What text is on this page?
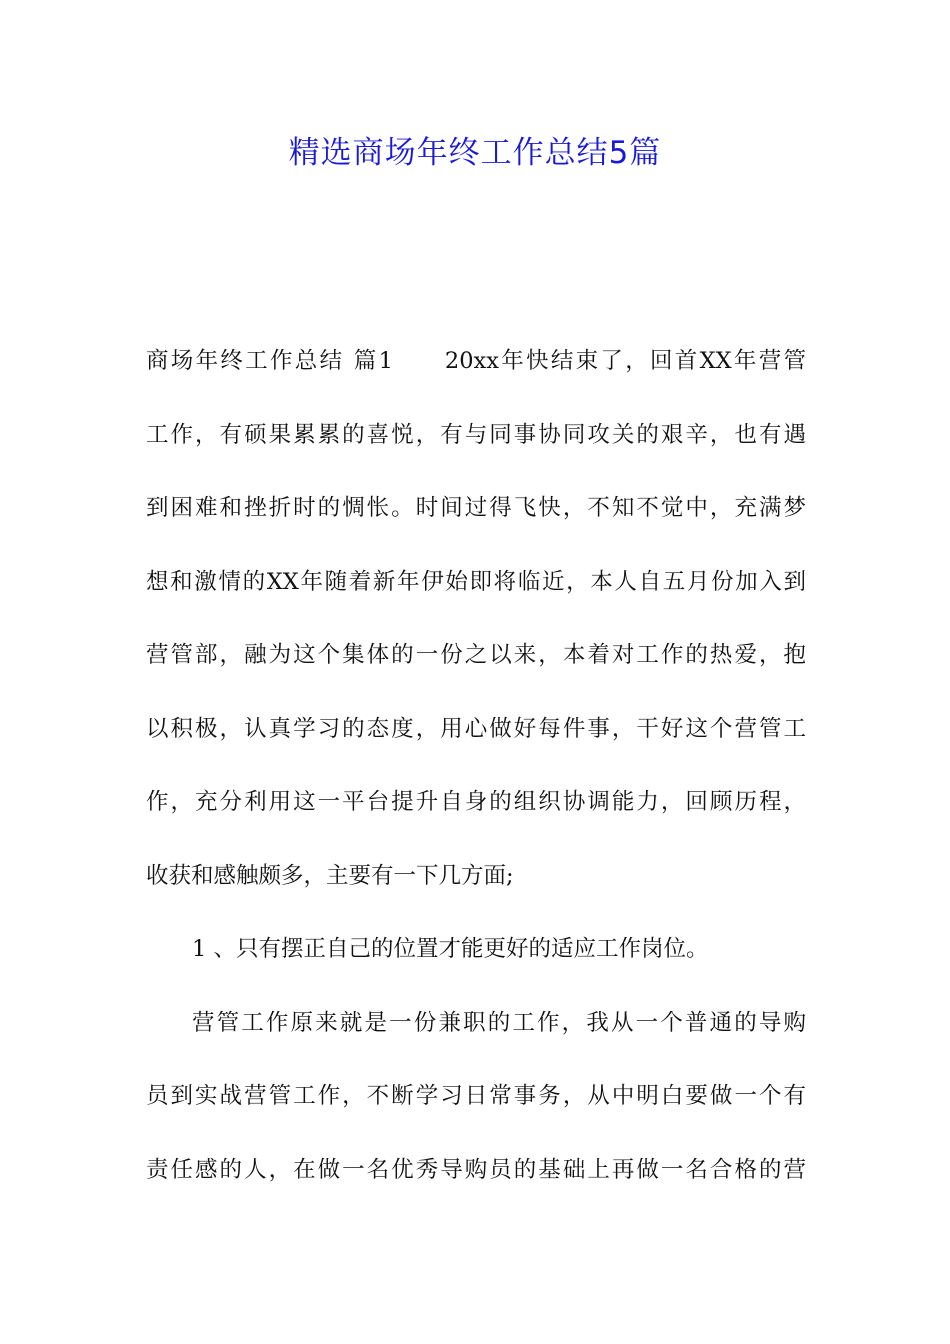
精选商场年终工作总结5篇
商场年终工作总结 篇1 20xx年快结束了，回首XX年营管
工作，有硕果累累的喜悦，有与同事协同攻关的艰辛，也有遇
到困难和挫折时的惆怅。时间过得飞快，不知不觉中，充满梦
想和激情的XX年随着新年伊始即将临近，本人自五月份加入到
营管部，融为这个集体的一份之以来，本着对工作的热爱，抱
以积极，认真学习的态度，用心做好每件事，干好这个营管工
作，充分利用这一平台提升自身的组织协调能力，回顾历程，
收获和感触颇多，主要有一下几方面;
1 、只有摆正自己的位置才能更好的适应工作岗位。
营管工作原来就是一份兼职的工作，我从一个普通的导购
员到实战营管工作，不断学习日常事务，从中明白要做一个有
责任感的人，在做一名优秀导购员的基础上再做一名合格的营
